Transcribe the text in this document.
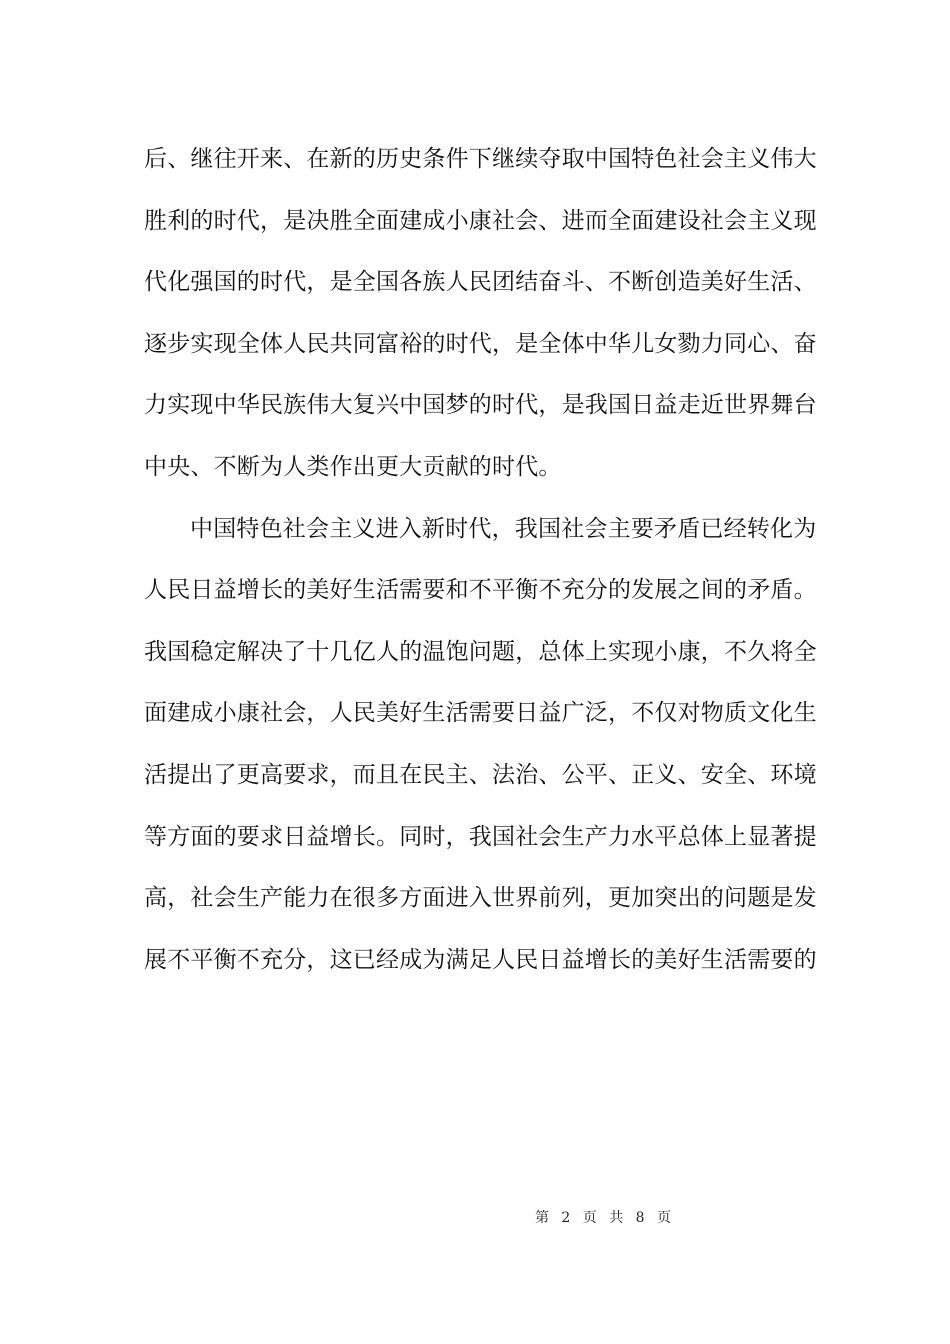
后、继往开来、在新的历史条件下继续夺取中国特色社会主义伟大
胜利的时代，是决胜全面建成小康社会、进而全面建设社会主义现
代化强国的时代，是全国各族人民团结奋斗、不断创造美好生活、
逐步实现全体人民共同富裕的时代，是全体中华儿女勠力同心、奋
力实现中华民族伟大复兴中国梦的时代，是我国日益走近世界舞台
中央、不断为人类作出更大贡献的时代。
中国特色社会主义进入新时代，我国社会主要矛盾已经转化为
人民日益增长的美好生活需要和不平衡不充分的发展之间的矛盾。
我国稳定解决了十几亿人的温饱问题，总体上实现小康，不久将全
面建成小康社会，人民美好生活需要日益广泛，不仅对物质文化生
活提出了更高要求，而且在民主、法治、公平、正义、安全、环境
等方面的要求日益增长。同时，我国社会生产力水平总体上显著提
高，社会生产能力在很多方面进入世界前列，更加突出的问题是发
展不平衡不充分，这已经成为满足人民日益增长的美好生活需要的
第 2 页 共 8 页
